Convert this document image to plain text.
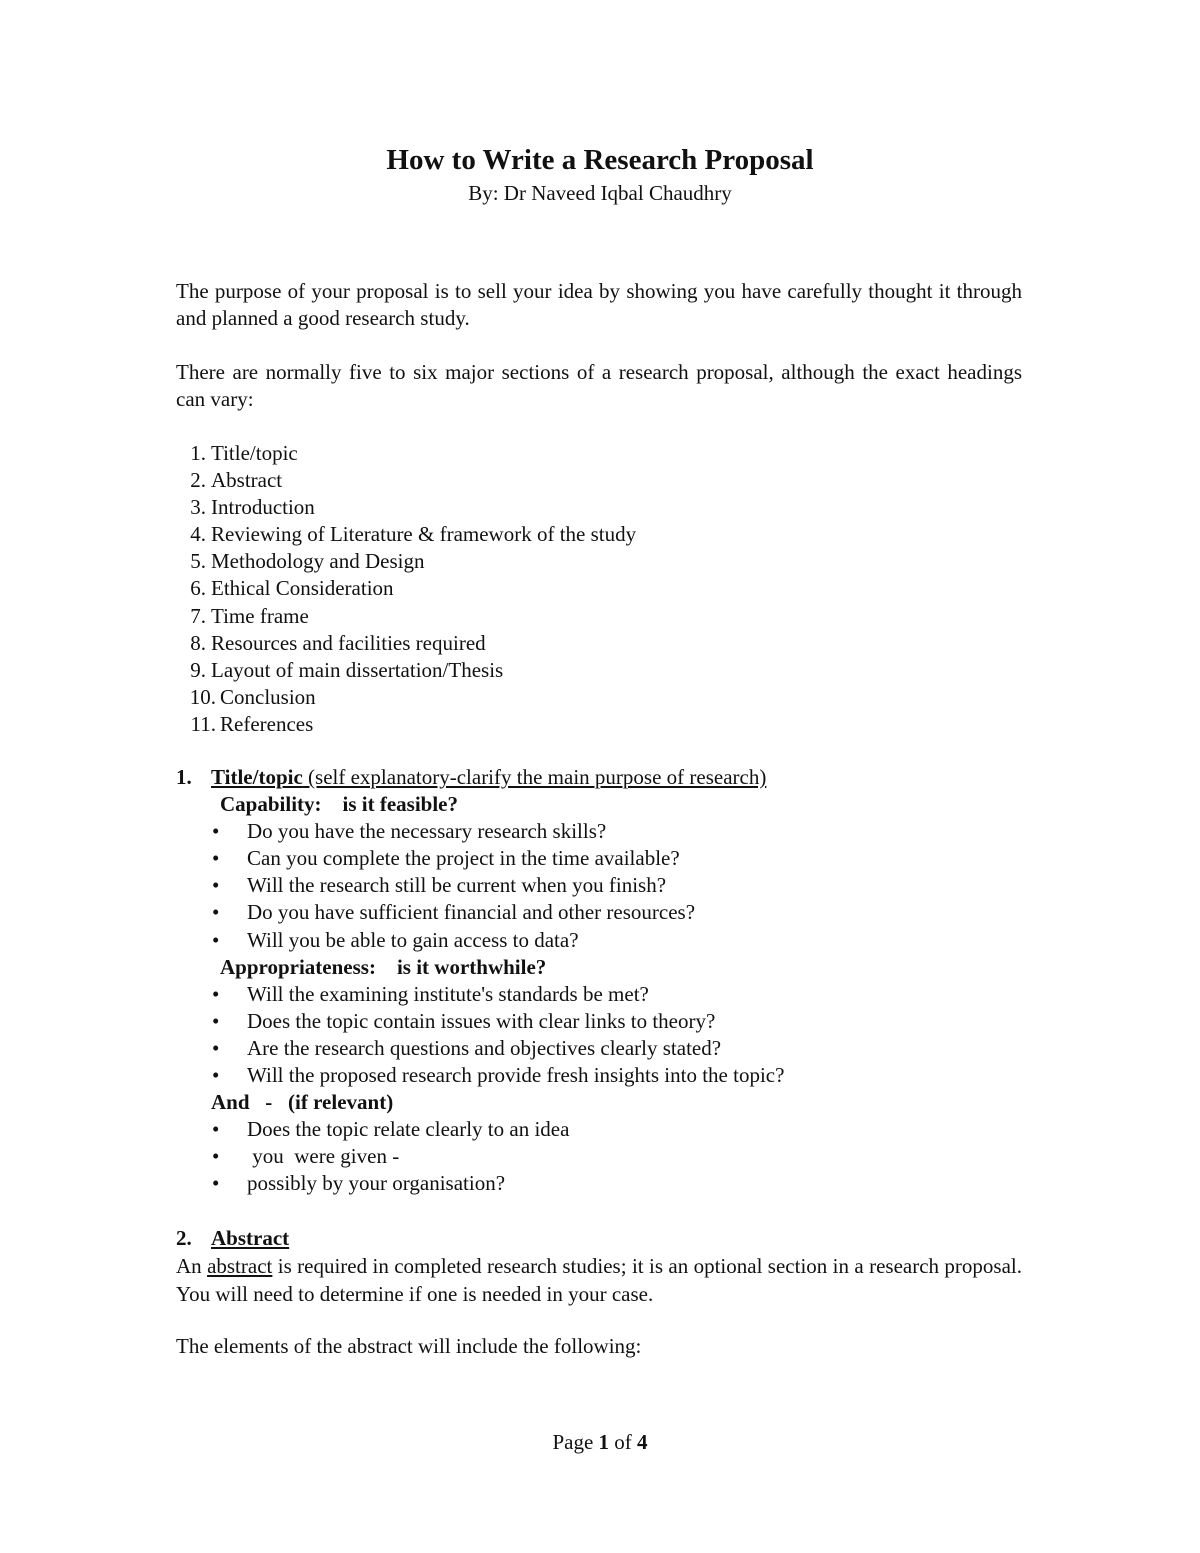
How to Write a Research Proposal
By: Dr Naveed Iqbal Chaudhry
The purpose of your proposal is to sell your idea by showing you have carefully thought it through and planned a good research study.
There are normally five to six major sections of a research proposal, although the exact headings can vary:
1. Title/topic
2. Abstract
3. Introduction
4. Reviewing of Literature & framework of the study
5. Methodology and Design
6. Ethical Consideration
7. Time frame
8. Resources and facilities required
9. Layout of main dissertation/Thesis
10. Conclusion
11. References
1. Title/topic (self explanatory-clarify the main purpose of research)
Capability: is it feasible?
• Do you have the necessary research skills?
• Can you complete the project in the time available?
• Will the research still be current when you finish?
• Do you have sufficient financial and other resources?
• Will you be able to gain access to data?
Appropriateness: is it worthwhile?
• Will the examining institute's standards be met?
• Does the topic contain issues with clear links to theory?
• Are the research questions and objectives clearly stated?
• Will the proposed research provide fresh insights into the topic?
And - (if relevant)
• Does the topic relate clearly to an idea
• you  were given -
• possibly by your organisation?
2. Abstract
An abstract is required in completed research studies; it is an optional section in a research proposal. You will need to determine if one is needed in your case.
The elements of the abstract will include the following:
Page 1 of 4
